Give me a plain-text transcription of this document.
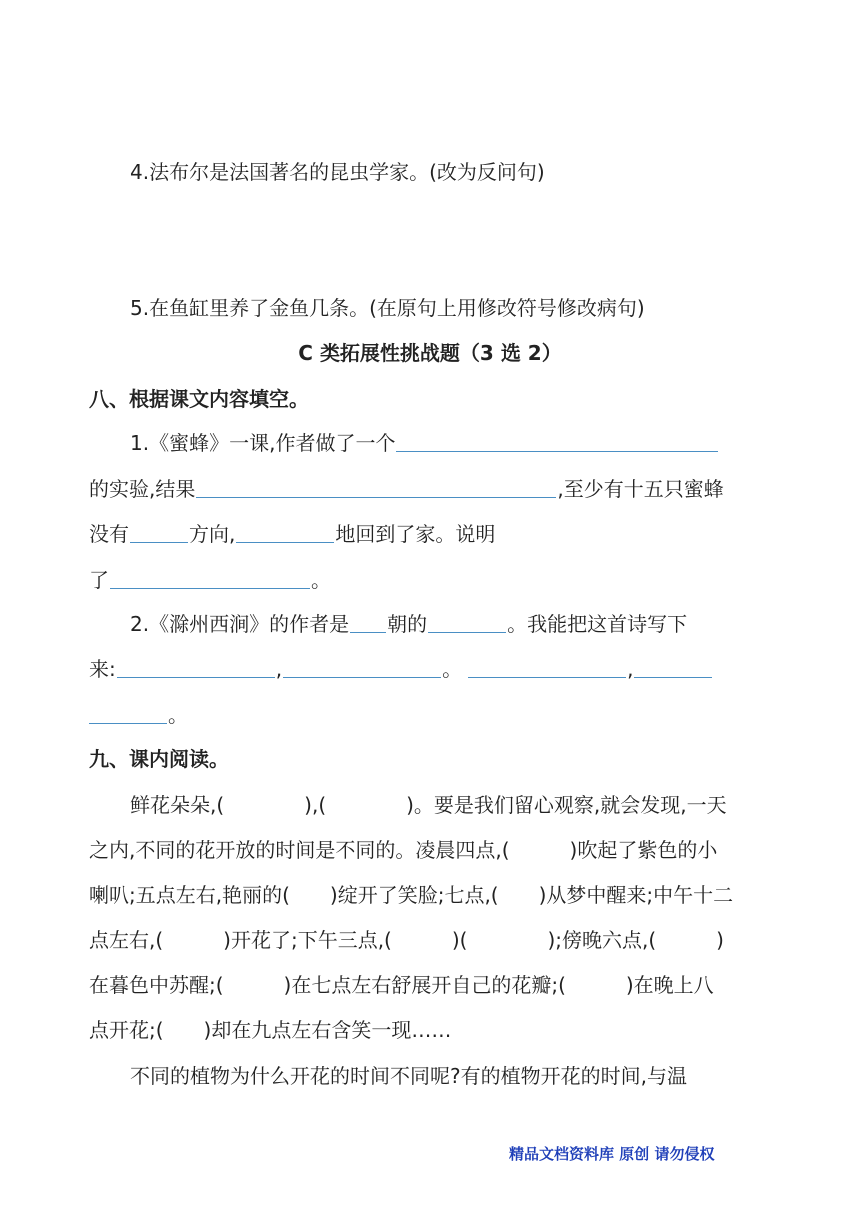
4.法布尔是法国著名的昆虫学家。(改为反问句)
5.在鱼缸里养了金鱼几条。(在原句上用修改符号修改病句)
C 类拓展性挑战题（3 选 2）
八、根据课文内容填空。
1.《蜜蜂》一课,作者做了一个
的实验,结果	,至少有十五只蜜蜂
没有	方向,	地回到了家。说明
了	。
2.《滁州西涧》的作者是 朝的	。我能把这首诗写下
来:	,	。	,
。
九、课内阅读。
鲜花朵朵,(　　　　),(　　　　)。要是我们留心观察,就会发现,一天
之内,不同的花开放的时间是不同的。凌晨四点,(　　　)吹起了紫色的小
喇叭;五点左右,艳丽的(　　)绽开了笑脸;七点,(　　)从梦中醒来;中午十二
点左右,(　　　)开花了;下午三点,(　　　)(　　　　);傍晚六点,(　　　)
在暮色中苏醒;(　　　)在七点左右舒展开自己的花瓣;(　　　)在晚上八
点开花;(　　)却在九点左右含笑一现……
不同的植物为什么开花的时间不同呢?有的植物开花的时间,与温
精品文档资料库 原创 请勿侵权
